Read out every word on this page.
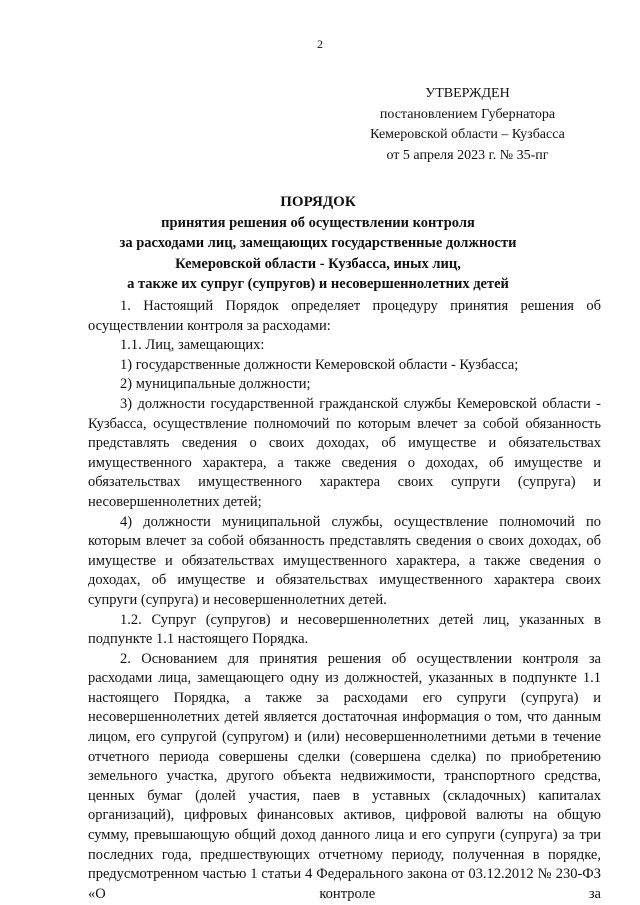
2
УТВЕРЖДЕН
постановлением Губернатора
Кемеровской области – Кузбасса
от 5 апреля 2023 г. № 35-пг
ПОРЯДОК
принятия решения об осуществлении контроля
за расходами лиц, замещающих государственные должности
Кемеровской области - Кузбасса, иных лиц,
а также их супруг (супругов) и несовершеннолетних детей

1. Настоящий Порядок определяет процедуру принятия решения об осуществлении контроля за расходами:

1.1. Лиц, замещающих:

1) государственные должности Кемеровской области - Кузбасса;

2) муниципальные должности;

3) должности государственной гражданской службы Кемеровской области - Кузбасса, осуществление полномочий по которым влечет за собой обязанность представлять сведения о своих доходах, об имуществе и обязательствах имущественного характера, а также сведения о доходах, об имуществе и обязательствах имущественного характера своих супруги (супруга) и несовершеннолетних детей;

4) должности муниципальной службы, осуществление полномочий по которым влечет за собой обязанность представлять сведения о своих доходах, об имуществе и обязательствах имущественного характера, а также сведения о доходах, об имуществе и обязательствах имущественного характера своих супруги (супруга) и несовершеннолетних детей.

1.2. Супруг (супругов) и несовершеннолетних детей лиц, указанных в подпункте 1.1 настоящего Порядка.

2. Основанием для принятия решения об осуществлении контроля за расходами лица, замещающего одну из должностей, указанных в подпункте 1.1 настоящего Порядка, а также за расходами его супруги (супруга) и несовершеннолетних детей является достаточная информация о том, что данным лицом, его супругой (супругом) и (или) несовершеннолетними детьми в течение отчетного периода совершены сделки (совершена сделка) по приобретению земельного участка, другого объекта недвижимости, транспортного средства, ценных бумаг (долей участия, паев в уставных (складочных) капиталах организаций), цифровых финансовых активов, цифровой валюты на общую сумму, превышающую общий доход данного лица и его супруги (супруга) за три последних года, предшествующих отчетному периоду, полученная в порядке, предусмотренном частью 1 статьи 4 Федерального закона от 03.12.2012 № 230-ФЗ «О контроле за
